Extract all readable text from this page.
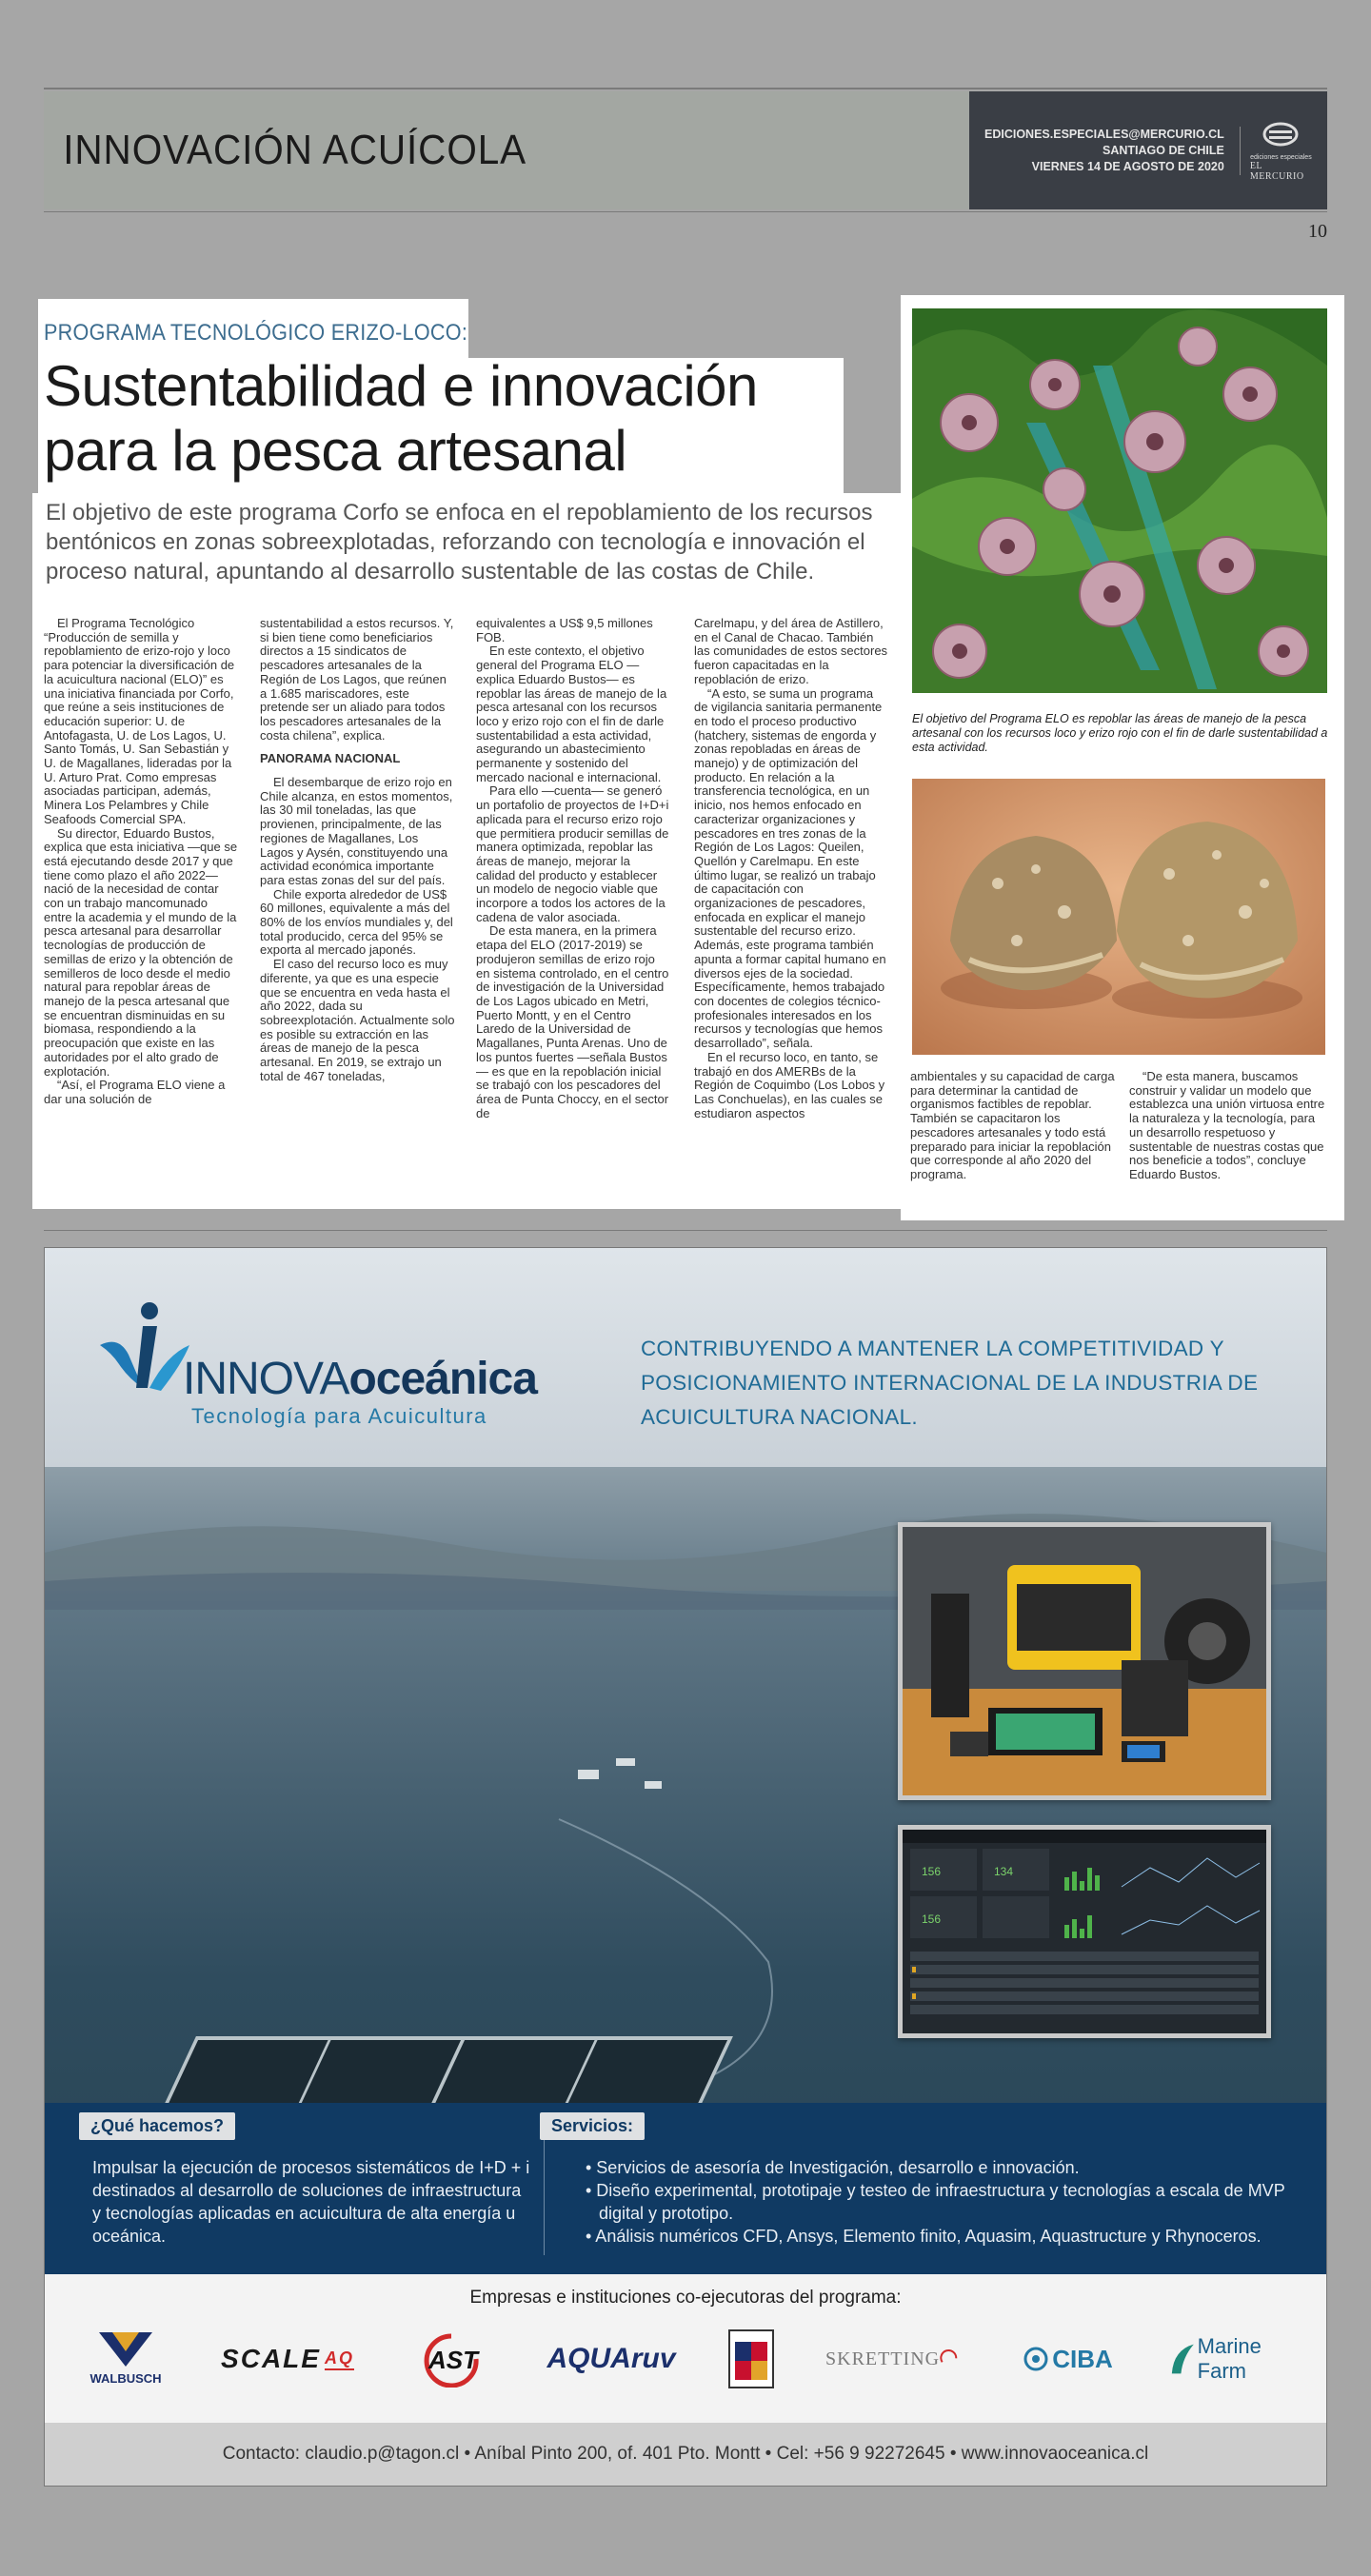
INNOVACIÓN ACUÍCOLA	EDICIONES.ESPECIALES@MERCURIO.CL
SANTIAGO DE CHILE
VIERNES 14 DE AGOSTO DE 2020
ediciones especiales
EL MERCURIO
10
PROGRAMA TECNOLÓGICO ERIZO-LOCO:
Sustentabilidad e innovación
para la pesca artesanal
El objetivo de este programa Corfo se enfoca en el repoblamiento de los recursos bentónicos en zonas sobreexplotadas, reforzando con tecnología e innovación el proceso natural, apuntando al desarrollo sustentable de las costas de Chile.

El Programa Tecnológico “Producción de semilla y repoblamiento de erizo-rojo y loco para potenciar la diversificación de la acuicultura nacional (ELO)” es una iniciativa financiada por Corfo, que reúne a seis instituciones de educación superior: U. de Antofagasta, U. de Los Lagos, U. Santo Tomás, U. San Sebastián y U. de Magallanes, lideradas por la U. Arturo Prat. Como empresas asociadas participan, además, Minera Los Pelambres y Chile Seafoods Comercial SPA.

Su director, Eduardo Bustos, explica que esta iniciativa —que se está ejecutando desde 2017 y que tiene como plazo el año 2022— nació de la necesidad de contar con un trabajo mancomunado entre la academia y el mundo de la pesca artesanal para desarrollar tecnologías de producción de semillas de erizo y la obtención de semilleros de loco desde el medio natural para repoblar áreas de manejo de la pesca artesanal que se encuentran disminuidas en su biomasa, respondiendo a la preocupación que existe en las autoridades por el alto grado de explotación.

“Así, el Programa ELO viene a dar una solución de

sustentabilidad a estos recursos. Y, si bien tiene como beneficiarios directos a 15 sindicatos de pescadores artesanales de la Región de Los Lagos, que reúnen a 1.685 mariscadores, este pretende ser un aliado para todos los pescadores artesanales de la costa chilena”, explica.

PANORAMA NACIONAL

El desembarque de erizo rojo en Chile alcanza, en estos momentos, las 30 mil toneladas, las que provienen, principalmente, de las regiones de Magallanes, Los Lagos y Aysén, constituyendo una actividad económica importante para estas zonas del sur del país.

Chile exporta alrededor de US$ 60 millones, equivalente a más del 80% de los envíos mundiales y, del total producido, cerca del 95% se exporta al mercado japonés.

El caso del recurso loco es muy diferente, ya que es una especie que se encuentra en veda hasta el año 2022, dada su sobreexplotación. Actualmente solo es posible su extracción en las áreas de manejo de la pesca artesanal. En 2019, se extrajo un total de 467 toneladas,

equivalentes a US$ 9,5 millones FOB.

En este contexto, el objetivo general del Programa ELO —explica Eduardo Bustos— es repoblar las áreas de manejo de la pesca artesanal con los recursos loco y erizo rojo con el fin de darle sustentabilidad a esta actividad, asegurando un abastecimiento permanente y sostenido del mercado nacional e internacional.

Para ello —cuenta— se generó un portafolio de proyectos de I+D+i aplicada para el recurso erizo rojo que permitiera producir semillas de manera optimizada, repoblar las áreas de manejo, mejorar la calidad del producto y establecer un modelo de negocio viable que incorpore a todos los actores de la cadena de valor asociada.

De esta manera, en la primera etapa del ELO (2017-2019) se produjeron semillas de erizo rojo en sistema controlado, en el centro de investigación de la Universidad de Los Lagos ubicado en Metri, Puerto Montt, y en el Centro Laredo de la Universidad de Magallanes, Punta Arenas. Uno de los puntos fuertes —señala Bustos— es que en la repoblación inicial se trabajó con los pescadores del área de Punta Choccy, en el sector de

Carelmapu, y del área de Astillero, en el Canal de Chacao. También las comunidades de estos sectores fueron capacitadas en la repoblación de erizo.

“A esto, se suma un programa de vigilancia sanitaria permanente en todo el proceso productivo (hatchery, sistemas de engorda y zonas repobladas en áreas de manejo) y de optimización del producto. En relación a la transferencia tecnológica, en un inicio, nos hemos enfocado en caracterizar organizaciones y pescadores en tres zonas de la Región de Los Lagos: Queilen, Quellón y Carelmapu. En este último lugar, se realizó un trabajo de capacitación con organizaciones de pescadores, enfocada en explicar el manejo sustentable del recurso erizo. Además, este programa también apunta a formar capital humano en diversos ejes de la sociedad. Específicamente, hemos trabajado con docentes de colegios técnico-profesionales interesados en los recursos y tecnologías que hemos desarrollado”, señala.

En el recurso loco, en tanto, se trabajó en dos AMERBs de la Región de Coquimbo (Los Lobos y Las Conchuelas), en las cuales se estudiaron aspectos

El objetivo del Programa ELO es repoblar las áreas de manejo de la pesca artesanal con los recursos loco y erizo rojo con el fin de darle sustentabilidad a esta actividad.

ambientales y su capacidad de carga para determinar la cantidad de organismos factibles de repoblar. También se capacitaron los pescadores artesanales y todo está preparado para iniciar la repoblación que corresponde al año 2020 del programa.

“De esta manera, buscamos construir y validar un modelo que establezca una unión virtuosa entre la naturaleza y la tecnología, para un desarrollo respetuoso y sustentable de nuestras costas que nos beneficie a todos”, concluye Eduardo Bustos.

INNOVAoceánica
Tecnología para Acuicultura
CONTRIBUYENDO A MANTENER LA COMPETITIVIDAD Y POSICIONAMIENTO INTERNACIONAL DE LA INDUSTRIA DE ACUICULTURA NACIONAL.
156	134
156
¿Qué hacemos?
Impulsar la ejecución de procesos sistemáticos de I+D + i destinados al desarrollo de soluciones de infraestructura y tecnologías aplicadas en acuicultura de alta energía u oceánica.
Servicios:
• Servicios de asesoría de Investigación, desarrollo e innovación.
• Diseño experimental, prototipaje y testeo de infraestructura y tecnologías a escala de MVP digital y prototipo.
• Análisis numéricos CFD, Ansys, Elemento finito, Aquasim, Aquastructure y Rhynoceros.
Empresas e instituciones co-ejecutoras del programa:
WALBUSCH
SCALE AQ	AST AQUAruv	SKRETTING	CIBA	Marine Farm
Contacto: claudio.p@tagon.cl • Aníbal Pinto 200, of. 401 Pto. Montt • Cel: +56 9 92272645 • www.innovaoceanica.cl
